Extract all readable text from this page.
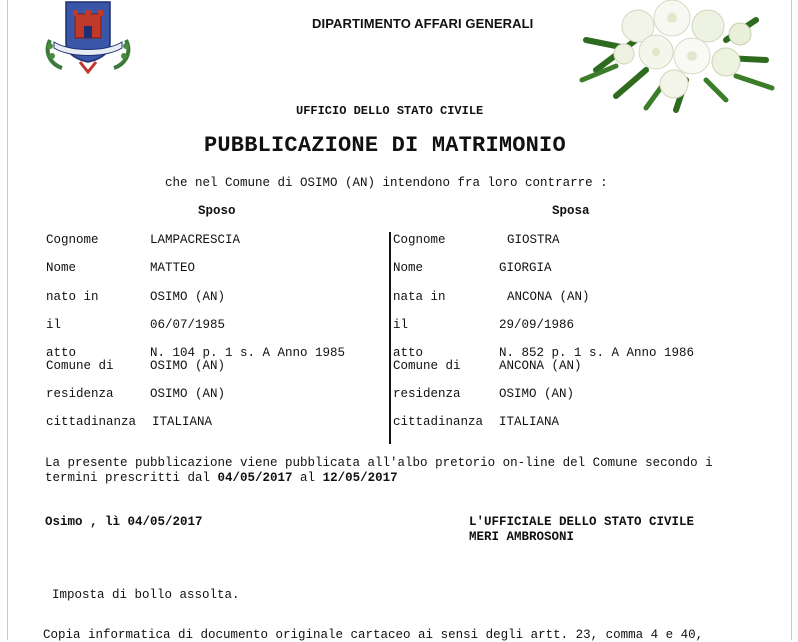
DIPARTIMENTO AFFARI GENERALI
UFFICIO DELLO STATO CIVILE
PUBBLICAZIONE DI MATRIMONIO
che nel Comune di OSIMO (AN) intendono fra loro contrarre :
Sposo	Sposa
Cognome	LAMPACRESCIA
Nome	MATTEO
nato in	OSIMO (AN)
il	06/07/1985
atto	N. 104 p. 1 s. A Anno 1985
Comune di	OSIMO (AN)
residenza	OSIMO (AN)
cittadinanza ITALIANA
Cognome	GIOSTRA
Nome	GIORGIA
nata in	ANCONA (AN)
il	29/09/1986
atto	N. 852 p. 1 s. A Anno 1986
Comune di	ANCONA (AN)
residenza	OSIMO (AN)
cittadinanza ITALIANA
La presente pubblicazione viene pubblicata all'albo pretorio on-line del Comune secondo i termini prescritti dal 04/05/2017 al 12/05/2017
Osimo , lì 04/05/2017	L'UFFICIALE DELLO STATO CIVILE
MERI AMBROSONI
Imposta di bollo assolta.
Copia informatica di documento originale cartaceo ai sensi degli artt. 23, comma 4 e 40,
